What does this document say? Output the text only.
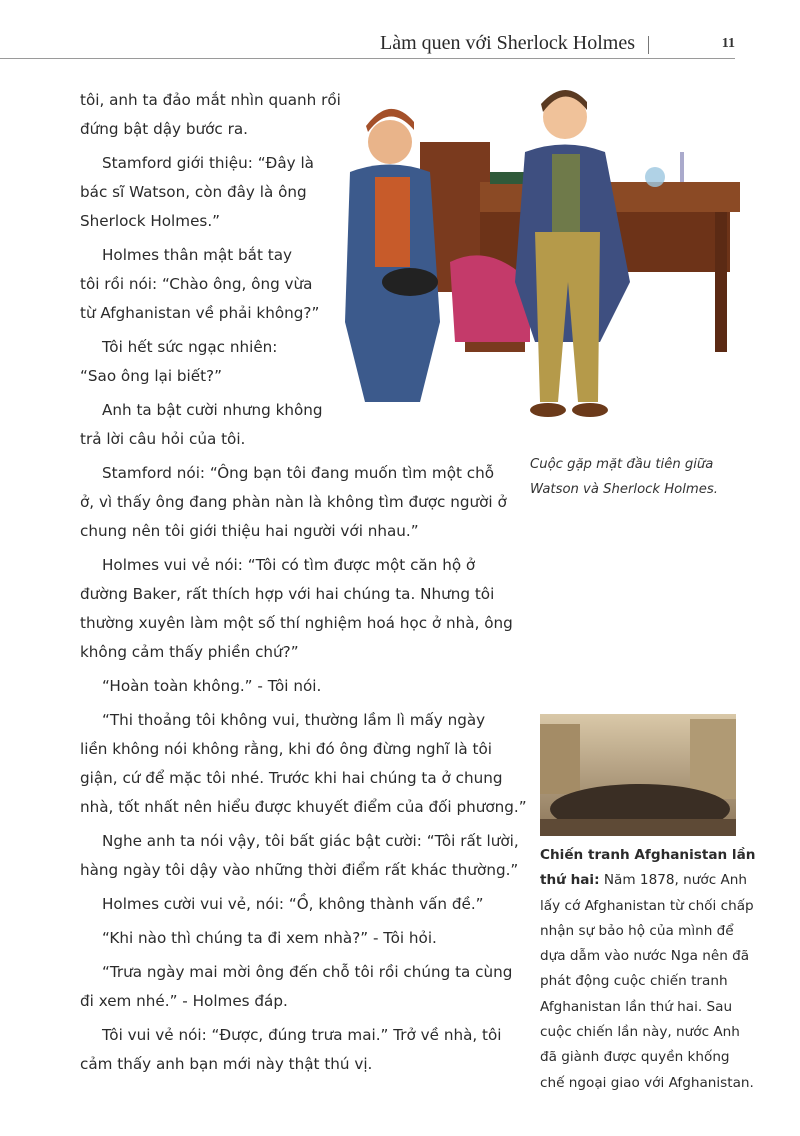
Làm quen với Sherlock Holmes	11
tôi, anh ta đảo mắt nhìn quanh rồi
đứng bật dậy bước ra.
Stamford giới thiệu: “Đây là
bác sĩ Watson, còn đây là ông
Sherlock Holmes.”
Holmes thân mật bắt tay
tôi rồi nói: “Chào ông, ông vừa
từ Afghanistan về phải không?”
Tôi hết sức ngạc nhiên:
“Sao ông lại biết?”
Anh ta bật cười nhưng không
trả lời câu hỏi của tôi.
Stamford nói: “Ông bạn tôi đang muốn tìm một chỗ
ở, vì thấy ông đang phàn nàn là không tìm được người ở
chung nên tôi giới thiệu hai người với nhau.”
Holmes vui vẻ nói: “Tôi có tìm được một căn hộ ở
đường Baker, rất thích hợp với hai chúng ta. Nhưng tôi
thường xuyên làm một số thí nghiệm hoá học ở nhà, ông
không cảm thấy phiền chứ?”
“Hoàn toàn không.” - Tôi nói.
“Thi thoảng tôi không vui, thường lầm lì mấy ngày
liền không nói không rằng, khi đó ông đừng nghĩ là tôi
giận, cứ để mặc tôi nhé. Trước khi hai chúng ta ở chung
nhà, tốt nhất nên hiểu được khuyết điểm của đối phương.”
Nghe anh ta nói vậy, tôi bất giác bật cười: “Tôi rất lười,
hàng ngày tôi dậy vào những thời điểm rất khác thường.”
Holmes cười vui vẻ, nói: “Ồ, không thành vấn đề.”
“Khi nào thì chúng ta đi xem nhà?” - Tôi hỏi.
“Trưa ngày mai mời ông đến chỗ tôi rồi chúng ta cùng
đi xem nhé.” - Holmes đáp.
Tôi vui vẻ nói: “Được, đúng trưa mai.” Trở về nhà, tôi
cảm thấy anh bạn mới này thật thú vị.
Cuộc gặp mặt đầu tiên giữa
Watson và Sherlock Holmes.
Chiến tranh Afghanistan lần
thứ hai: Năm 1878, nước Anh
lấy cớ Afghanistan từ chối chấp
nhận sự bảo hộ của mình để
dựa dẫm vào nước Nga nên đã
phát động cuộc chiến tranh
Afghanistan lần thứ hai. Sau
cuộc chiến lần này, nước Anh
đã giành được quyền khống
chế ngoại giao với Afghanistan.
